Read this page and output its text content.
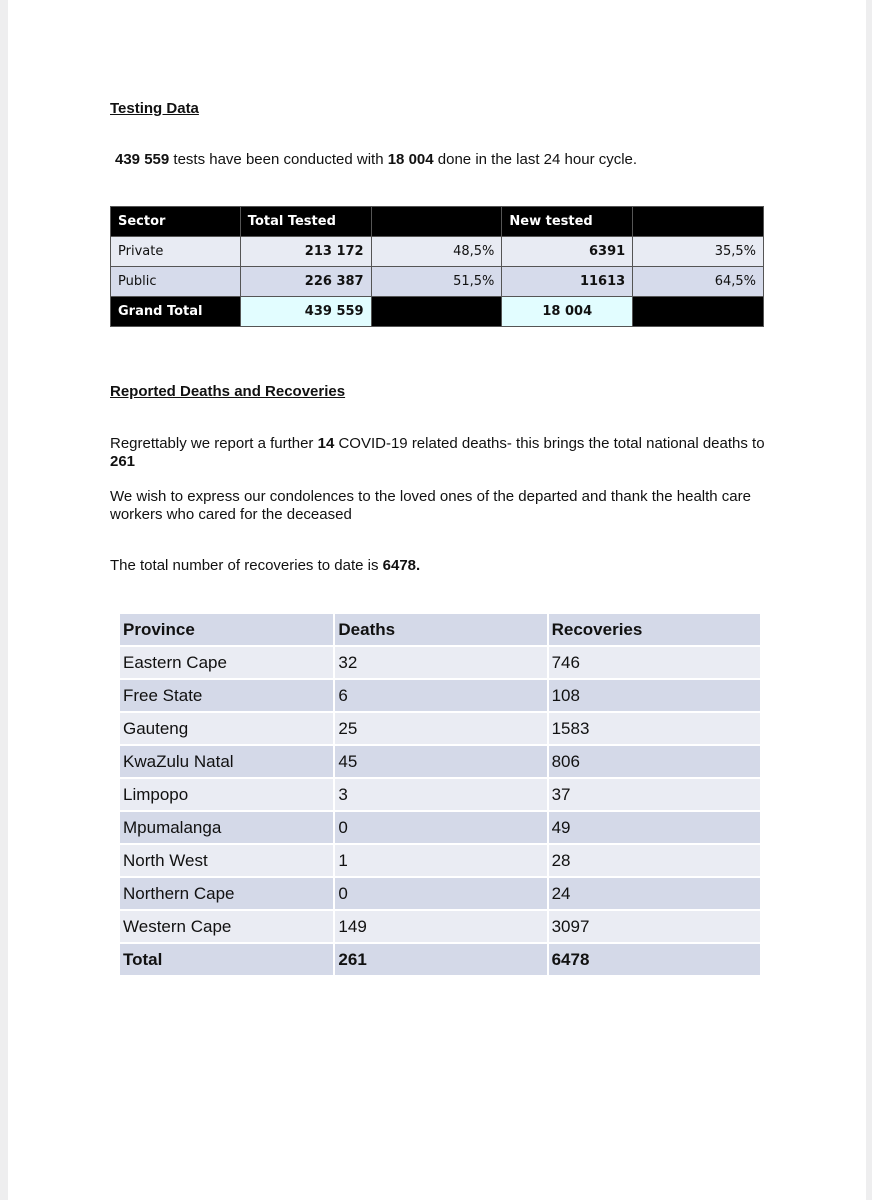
Testing Data
439 559 tests have been conducted with 18 004 done in the last 24 hour cycle.
Sector	Total Tested		New tested	
Private	213 172	48,5%	6391	35,5%
Public	226 387	51,5%	11613	64,5%
Grand Total	439 559		18 004	
Reported Deaths and Recoveries
Regrettably we report a further 14 COVID-19 related deaths- this brings the total national deaths to 261
We wish to express our condolences to the loved ones of the departed and thank the health care workers who cared for the deceased
The total number of recoveries to date is 6478.
Province	Deaths	Recoveries
Eastern Cape	32	746
Free State	6	108
Gauteng	25	1583
KwaZulu Natal	45	806
Limpopo	3	37
Mpumalanga	0	49
North West	1	28
Northern Cape	0	24
Western Cape	149	3097
Total	261	6478
